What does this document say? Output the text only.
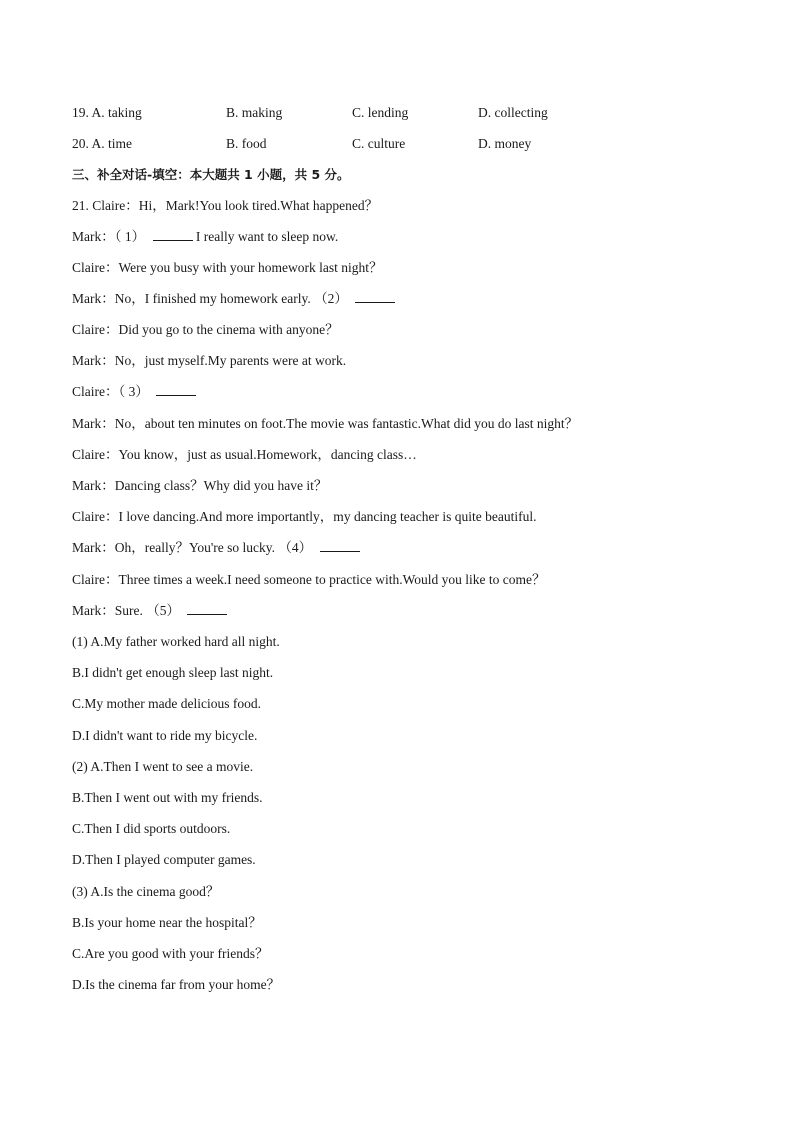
19. A. taking	B. making	C. lending	D. collecting
20. A. time	B. food	C. culture	D. money
三、补全对话-填空：本大题共 1 小题，共 5 分。
21. Claire：Hi，Mark!You look tired.What happened？
Mark：（ 1）	I really want to sleep now.
Claire：Were you busy with your homework last night？
Mark：No，I finished my homework early. （2）
Claire：Did you go to the cinema with anyone？
Mark：No，just myself.My parents were at work.
Claire：（ 3）
Mark：No，about ten minutes on foot.The movie was fantastic.What did you do last night？
Claire：You know，just as usual.Homework，dancing class…
Mark：Dancing class？Why did you have it？
Claire：I love dancing.And more importantly，my dancing teacher is quite beautiful.
Mark：Oh，really？You're so lucky. （4）
Claire：Three times a week.I need someone to practice with.Would you like to come？
Mark：Sure. （5）
(1) A.My father worked hard all night.
B.I didn't get enough sleep last night.
C.My mother made delicious food.
D.I didn't want to ride my bicycle.
(2) A.Then I went to see a movie.
B.Then I went out with my friends.
C.Then I did sports outdoors.
D.Then I played computer games.
(3) A.Is the cinema good？
B.Is your home near the hospital？
C.Are you good with your friends？
D.Is the cinema far from your home？
